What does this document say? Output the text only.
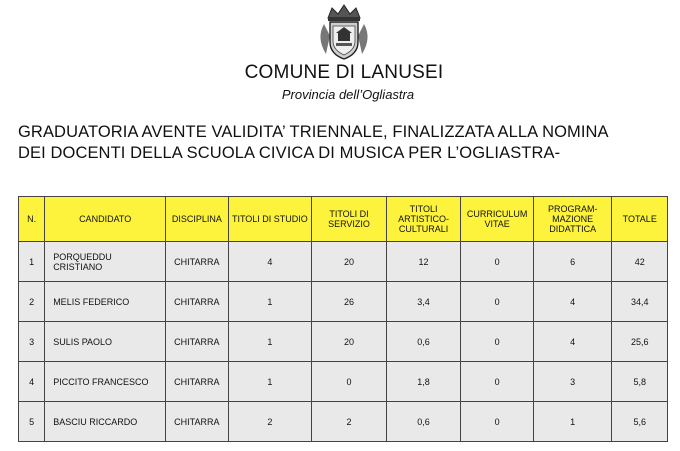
COMUNE DI LANUSEI
Provincia dell’Ogliastra
GRADUATORIA AVENTE VALIDITA’ TRIENNALE, FINALIZZATA ALLA NOMINA
DEI DOCENTI DELLA SCUOLA CIVICA DI MUSICA PER L’OGLIASTRA-
N.	CANDIDATO	DISCIPLINA	TITOLI DI STUDIO	TITOLI DI SERVIZIO	TITOLI ARTISTICO-CULTURALI	CURRICULUM VITAE	PROGRAM-MAZIONE DIDATTICA	TOTALE
1	PORQUEDDU CRISTIANO	CHITARRA	4	20	12	0	6	42
2	MELIS FEDERICO	CHITARRA	1	26	3,4	0	4	34,4
3	SULIS PAOLO	CHITARRA	1	20	0,6	0	4	25,6
4	PICCITO FRANCESCO	CHITARRA	1	0	1,8	0	3	5,8
5	BASCIU RICCARDO	CHITARRA	2	2	0,6	0	1	5,6
